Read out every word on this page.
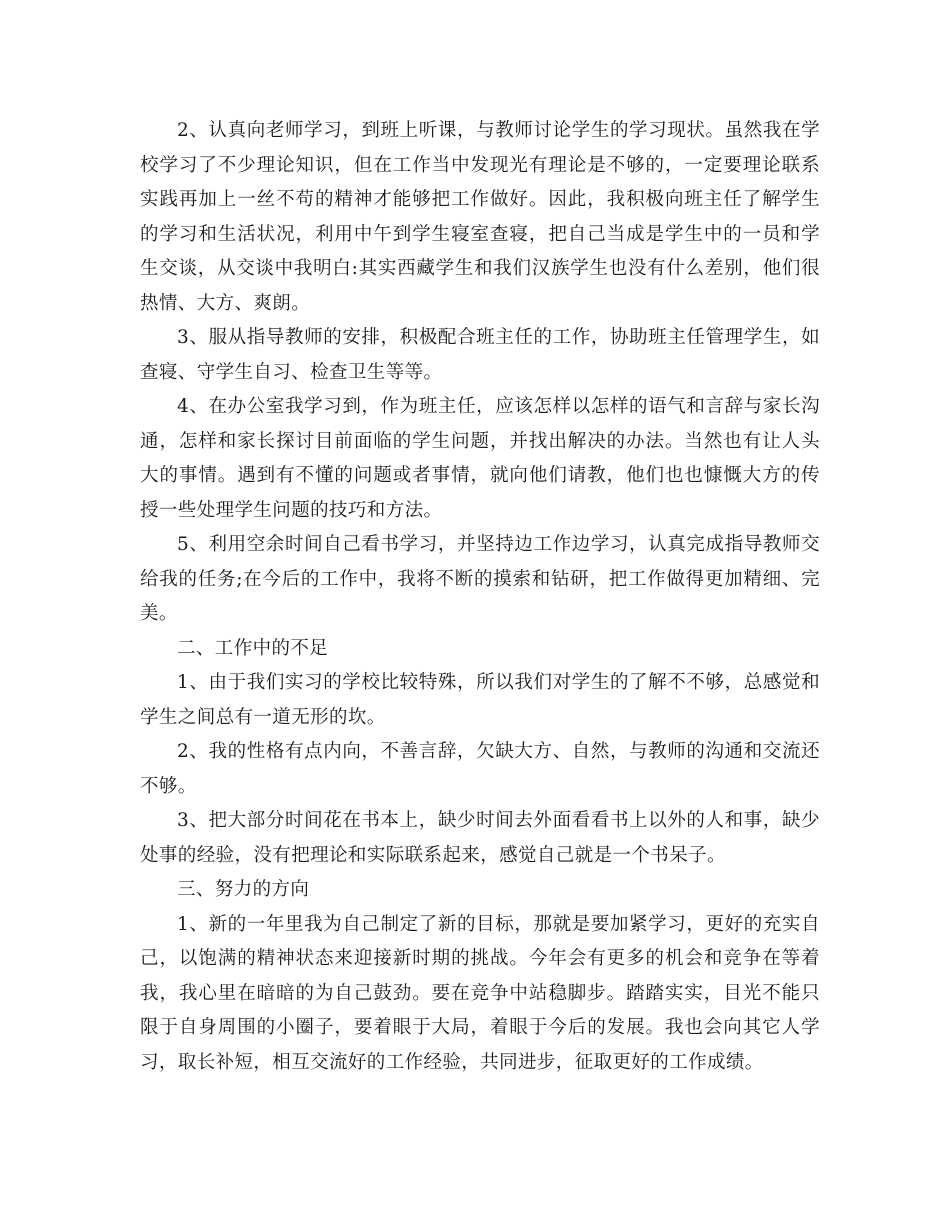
2、认真向老师学习，到班上听课，与教师讨论学生的学习现状。虽然我在学校学习了不少理论知识，但在工作当中发现光有理论是不够的，一定要理论联系实践再加上一丝不苟的精神才能够把工作做好。因此，我积极向班主任了解学生的学习和生活状况，利用中午到学生寝室查寝，把自己当成是学生中的一员和学生交谈，从交谈中我明白:其实西藏学生和我们汉族学生也没有什么差别，他们很热情、大方、爽朗。

3、服从指导教师的安排，积极配合班主任的工作，协助班主任管理学生，如查寝、守学生自习、检查卫生等等。

4、在办公室我学习到，作为班主任，应该怎样以怎样的语气和言辞与家长沟通，怎样和家长探讨目前面临的学生问题，并找出解决的办法。当然也有让人头大的事情。遇到有不懂的问题或者事情，就向他们请教，他们也也慷慨大方的传授一些处理学生问题的技巧和方法。

5、利用空余时间自己看书学习，并坚持边工作边学习，认真完成指导教师交给我的任务;在今后的工作中，我将不断的摸索和钻研，把工作做得更加精细、完美。

二、工作中的不足

1、由于我们实习的学校比较特殊，所以我们对学生的了解不不够，总感觉和学生之间总有一道无形的坎。

2、我的性格有点内向，不善言辞，欠缺大方、自然，与教师的沟通和交流还不够。

3、把大部分时间花在书本上，缺少时间去外面看看书上以外的人和事，缺少处事的经验，没有把理论和实际联系起来，感觉自己就是一个书呆子。

三、努力的方向

1、新的一年里我为自己制定了新的目标，那就是要加紧学习，更好的充实自己，以饱满的精神状态来迎接新时期的挑战。今年会有更多的机会和竞争在等着我，我心里在暗暗的为自己鼓劲。要在竞争中站稳脚步。踏踏实实，目光不能只限于自身周围的小圈子，要着眼于大局，着眼于今后的发展。我也会向其它人学习，取长补短，相互交流好的工作经验，共同进步，征取更好的工作成绩。
